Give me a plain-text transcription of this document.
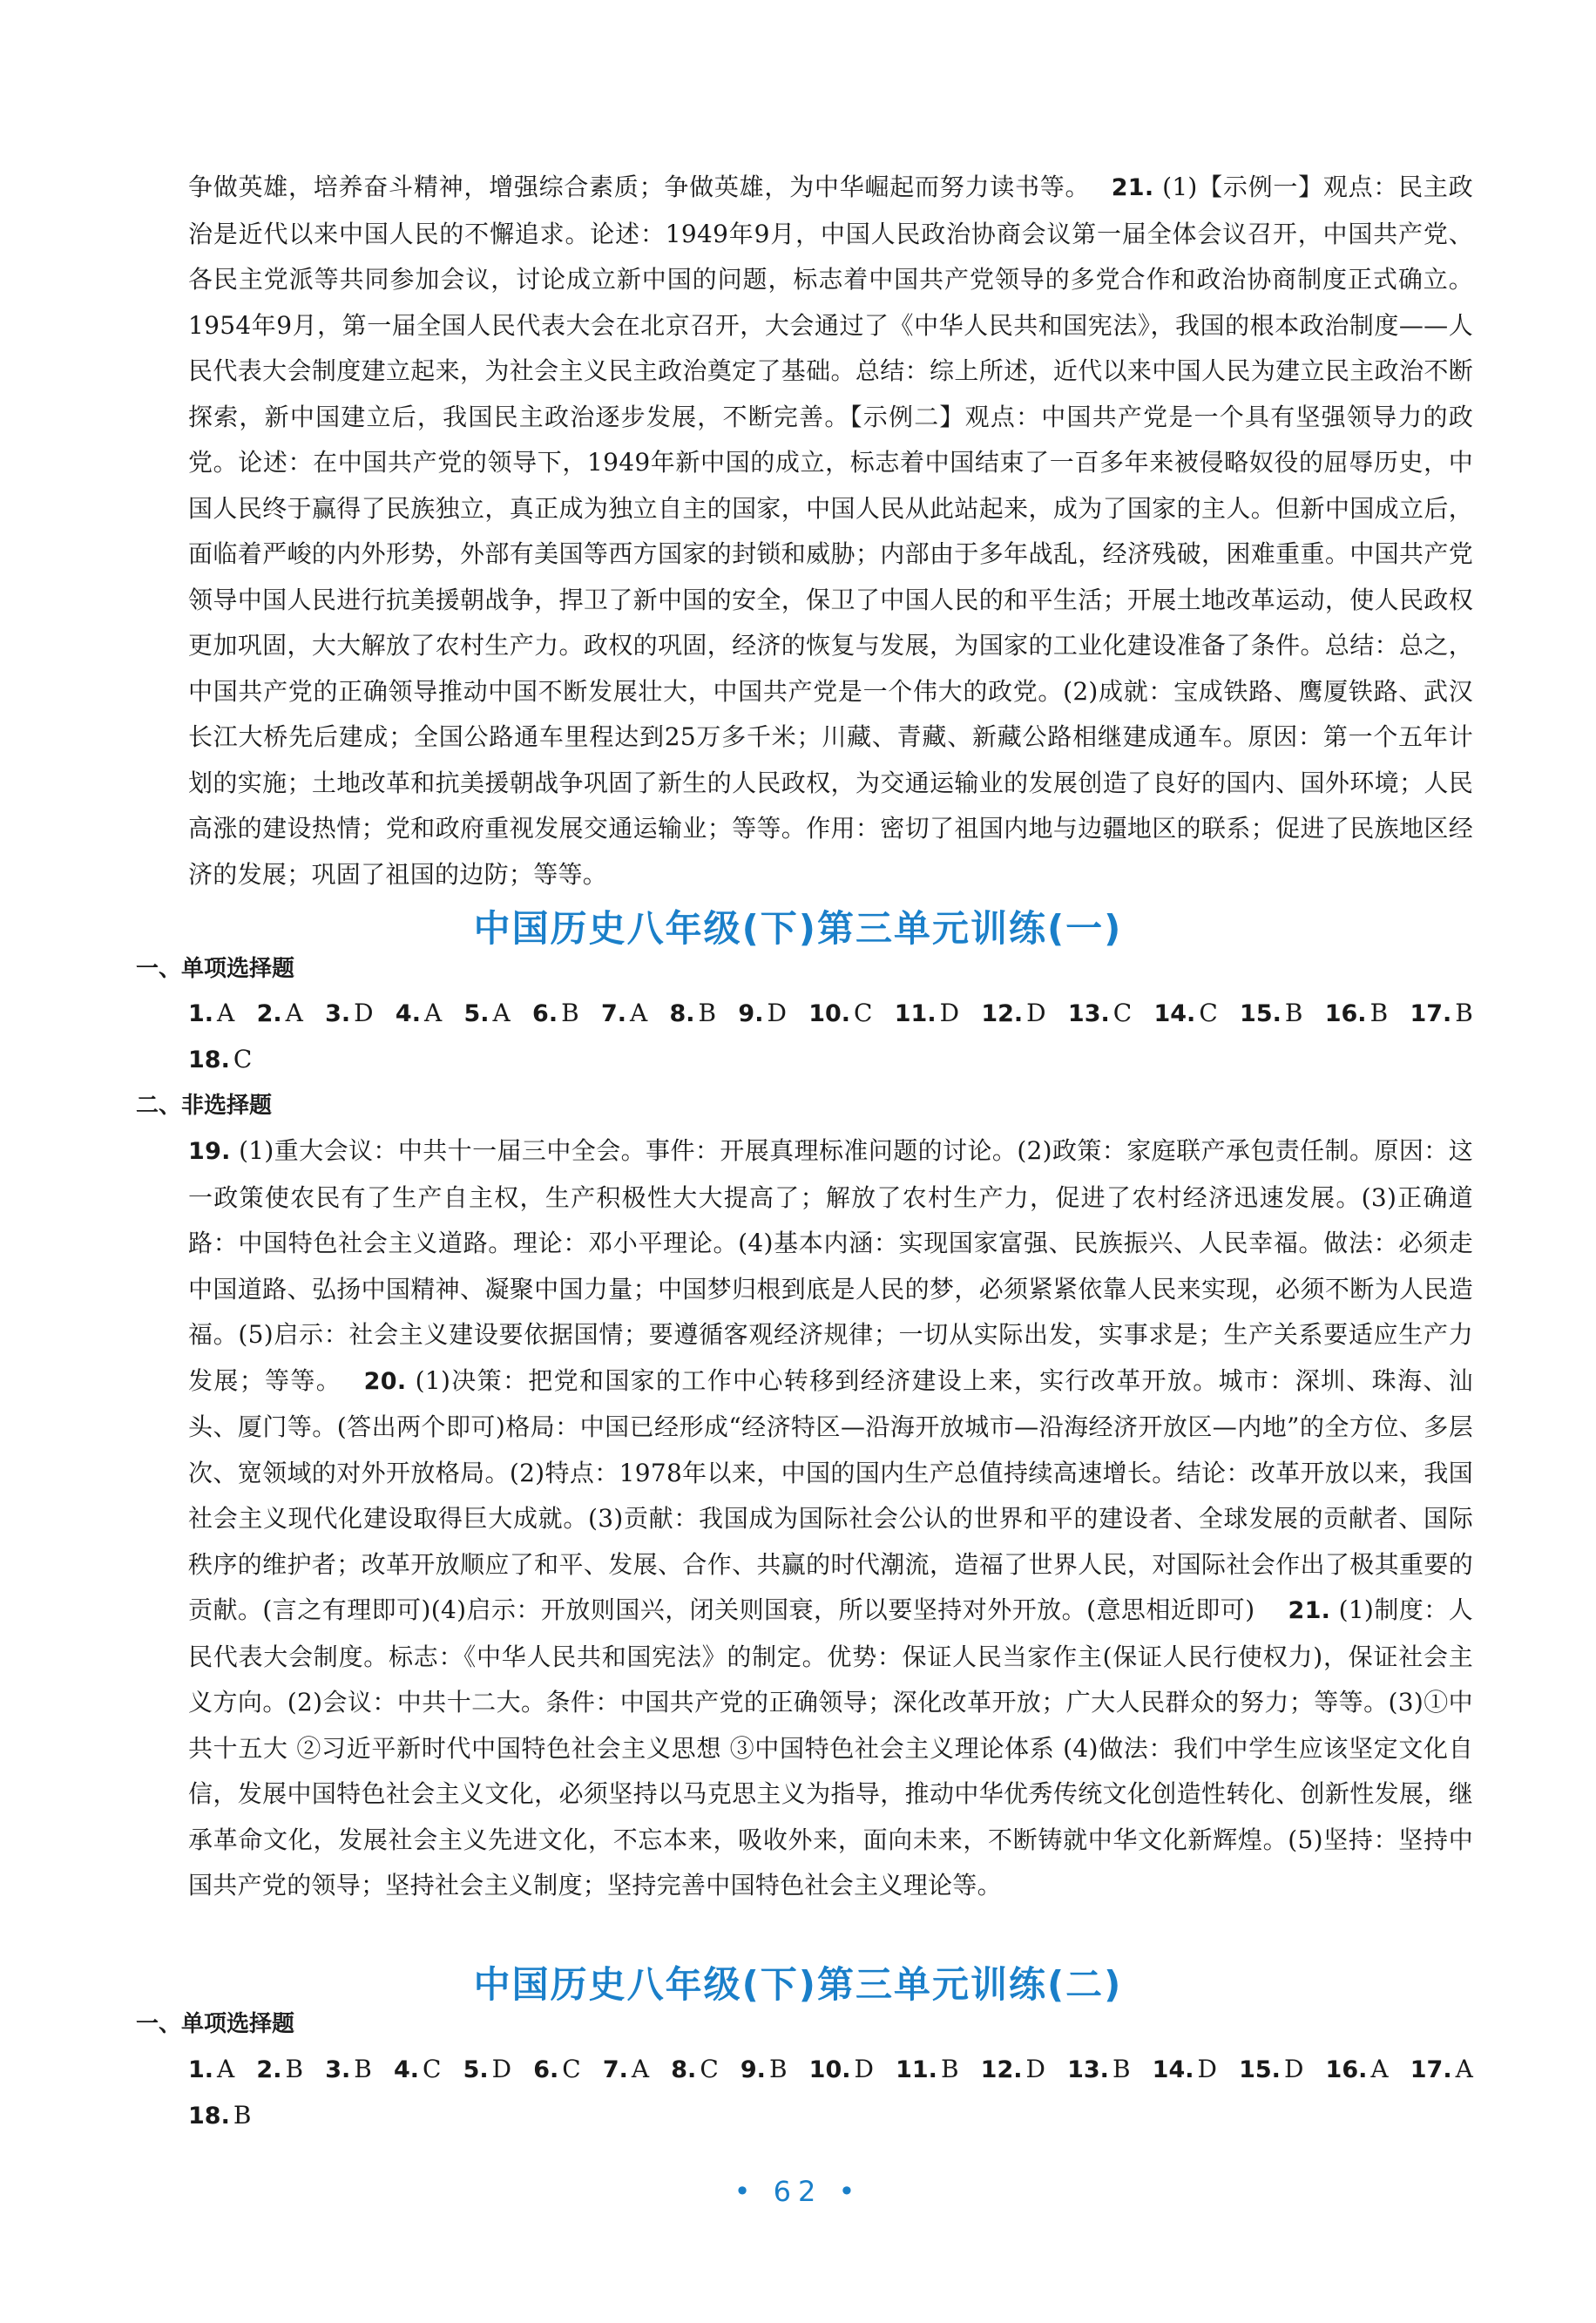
争做英雄，培养奋斗精神，增强综合素质；争做英雄，为中华崛起而努力读书等。　 21. (1)【示例一】观点：民主政治是近代以来中国人民的不懈追求。论述：1949年9月，中国人民政治协商会议第一届全体会议召开，中国共产党、各民主党派等共同参加会议，讨论成立新中国的问题，标志着中国共产党领导的多党合作和政治协商制度正式确立。1954年9月，第一届全国人民代表大会在北京召开，大会通过了《中华人民共和国宪法》，我国的根本政治制度——人民代表大会制度建立起来，为社会主义民主政治奠定了基础。总结：综上所述，近代以来中国人民为建立民主政治不断探索，新中国建立后，我国民主政治逐步发展，不断完善。【示例二】观点：中国共产党是一个具有坚强领导力的政党。论述：在中国共产党的领导下，1949年新中国的成立，标志着中国结束了一百多年来被侵略奴役的屈辱历史，中国人民终于赢得了民族独立，真正成为独立自主的国家，中国人民从此站起来，成为了国家的主人。但新中国成立后，面临着严峻的内外形势，外部有美国等西方国家的封锁和威胁；内部由于多年战乱，经济残破，困难重重。中国共产党领导中国人民进行抗美援朝战争，捍卫了新中国的安全，保卫了中国人民的和平生活；开展土地改革运动，使人民政权更加巩固，大大解放了农村生产力。政权的巩固，经济的恢复与发展，为国家的工业化建设准备了条件。总结：总之，中国共产党的正确领导推动中国不断发展壮大，中国共产党是一个伟大的政党。(2)成就：宝成铁路、鹰厦铁路、武汉长江大桥先后建成；全国公路通车里程达到25万多千米；川藏、青藏、新藏公路相继建成通车。原因：第一个五年计划的实施；土地改革和抗美援朝战争巩固了新生的人民政权，为交通运输业的发展创造了良好的国内、国外环境；人民高涨的建设热情；党和政府重视发展交通运输业；等等。作用：密切了祖国内地与边疆地区的联系；促进了民族地区经济的发展；巩固了祖国的边防；等等。
中国历史八年级(下)第三单元训练(一)
一、单项选择题
1. A 2. A 3. D 4. A 5. A 6. B 7. A 8. B 9. D 10. C 11. D 12. D 13. C 14. C 15. B 16. B 17. B
18. C
二、非选择题
19. (1)重大会议：中共十一届三中全会。事件：开展真理标准问题的讨论。(2)政策：家庭联产承包责任制。原因：这一政策使农民有了生产自主权，生产积极性大大提高了；解放了农村生产力，促进了农村经济迅速发展。(3)正确道路：中国特色社会主义道路。理论：邓小平理论。(4)基本内涵：实现国家富强、民族振兴、人民幸福。做法：必须走中国道路、弘扬中国精神、凝聚中国力量；中国梦归根到底是人民的梦，必须紧紧依靠人民来实现，必须不断为人民造福。(5)启示：社会主义建设要依据国情；要遵循客观经济规律；一切从实际出发，实事求是；生产关系要适应生产力发展；等等。　 20. (1)决策：把党和国家的工作中心转移到经济建设上来，实行改革开放。城市：深圳、珠海、汕头、厦门等。(答出两个即可)格局：中国已经形成“经济特区—沿海开放城市—沿海经济开放区—内地”的全方位、多层次、宽领域的对外开放格局。(2)特点：1978年以来，中国的国内生产总值持续高速增长。结论：改革开放以来，我国社会主义现代化建设取得巨大成就。(3)贡献：我国成为国际社会公认的世界和平的建设者、全球发展的贡献者、国际秩序的维护者；改革开放顺应了和平、发展、合作、共赢的时代潮流，造福了世界人民，对国际社会作出了极其重要的贡献。(言之有理即可)(4)启示：开放则国兴，闭关则国衰，所以要坚持对外开放。(意思相近即可)　 21. (1)制度：人民代表大会制度。标志：《中华人民共和国宪法》的制定。优势：保证人民当家作主(保证人民行使权力)，保证社会主义方向。(2)会议：中共十二大。条件：中国共产党的正确领导；深化改革开放；广大人民群众的努力；等等。(3)①中共十五大 ②习近平新时代中国特色社会主义思想 ③中国特色社会主义理论体系 (4)做法：我们中学生应该坚定文化自信，发展中国特色社会主义文化，必须坚持以马克思主义为指导，推动中华优秀传统文化创造性转化、创新性发展，继承革命文化，发展社会主义先进文化，不忘本来，吸收外来，面向未来，不断铸就中华文化新辉煌。(5)坚持：坚持中国共产党的领导；坚持社会主义制度；坚持完善中国特色社会主义理论等。
中国历史八年级(下)第三单元训练(二)
一、单项选择题
1. A 2. B 3. B 4. C 5. D 6. C 7. A 8. C 9. B 10. D 11. B 12. D 13. B 14. D 15. D 16. A 17. A
18. B
• 62 •
